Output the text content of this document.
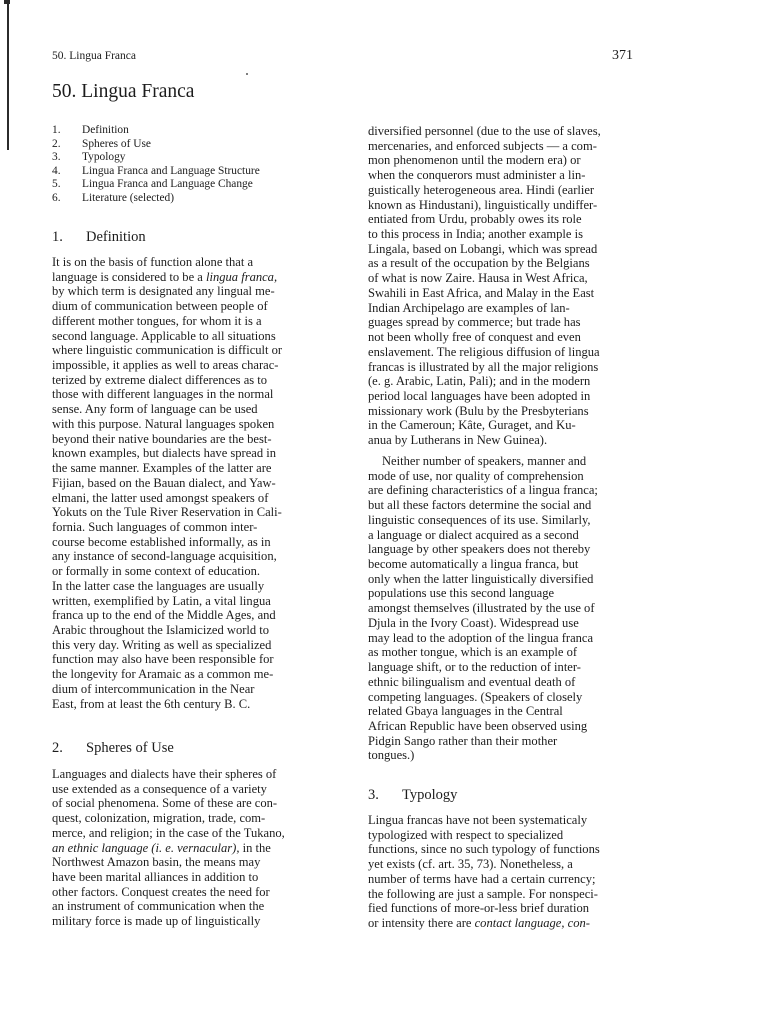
50. Lingua Franca	371
50. Lingua Franca
1.	Definition
2.	Spheres of Use
3.	Typology
4.	Lingua Franca and Language Structure
5.	Lingua Franca and Language Change
6.	Literature (selected)
1. Definition

It is on the basis of function alone that a
language is considered to be a lingua franca,
by which term is designated any lingual me-
dium of communication between people of
different mother tongues, for whom it is a
second language. Applicable to all situations
where linguistic communication is difficult or
impossible, it applies as well to areas charac-
terized by extreme dialect differences as to
those with different languages in the normal
sense. Any form of language can be used
with this purpose. Natural languages spoken
beyond their native boundaries are the best-
known examples, but dialects have spread in
the same manner. Examples of the latter are
Fijian, based on the Bauan dialect, and Yaw-
elmani, the latter used amongst speakers of
Yokuts on the Tule River Reservation in Cali-
fornia. Such languages of common inter-
course become established informally, as in
any instance of second-language acquisition,
or formally in some context of education.
In the latter case the languages are usually
written, exemplified by Latin, a vital lingua
franca up to the end of the Middle Ages, and
Arabic throughout the Islamicized world to
this very day. Writing as well as specialized
function may also have been responsible for
the longevity for Aramaic as a common me-
dium of intercommunication in the Near
East, from at least the 6th century B. C.

2. Spheres of Use

Languages and dialects have their spheres of
use extended as a consequence of a variety
of social phenomena. Some of these are con-
quest, colonization, migration, trade, com-
merce, and religion; in the case of the Tukano,
an ethnic language (i. e. vernacular), in the
Northwest Amazon basin, the means may
have been marital alliances in addition to
other factors. Conquest creates the need for
an instrument of communication when the
military force is made up of linguistically

diversified personnel (due to the use of slaves,
mercenaries, and enforced subjects — a com-
mon phenomenon until the modern era) or
when the conquerors must administer a lin-
guistically heterogeneous area. Hindi (earlier
known as Hindustani), linguistically undiffer-
entiated from Urdu, probably owes its role
to this process in India; another example is
Lingala, based on Lobangi, which was spread
as a result of the occupation by the Belgians
of what is now Zaire. Hausa in West Africa,
Swahili in East Africa, and Malay in the East
Indian Archipelago are examples of lan-
guages spread by commerce; but trade has
not been wholly free of conquest and even
enslavement. The religious diffusion of lingua
francas is illustrated by all the major religions
(e. g. Arabic, Latin, Pali); and in the modern
period local languages have been adopted in
missionary work (Bulu by the Presbyterians
in the Cameroun; Kâte, Guraget, and Ku-
anua by Lutherans in New Guinea).

Neither number of speakers, manner and
mode of use, nor quality of comprehension
are defining characteristics of a lingua franca;
but all these factors determine the social and
linguistic consequences of its use. Similarly,
a language or dialect acquired as a second
language by other speakers does not thereby
become automatically a lingua franca, but
only when the latter linguistically diversified
populations use this second language
amongst themselves (illustrated by the use of
Djula in the Ivory Coast). Widespread use
may lead to the adoption of the lingua franca
as mother tongue, which is an example of
language shift, or to the reduction of inter-
ethnic bilingualism and eventual death of
competing languages. (Speakers of closely
related Gbaya languages in the Central
African Republic have been observed using
Pidgin Sango rather than their mother
tongues.)

3. Typology

Lingua francas have not been systematicaly
typologized with respect to specialized
functions, since no such typology of functions
yet exists (cf. art. 35, 73). Nonetheless, a
number of terms have had a certain currency;
the following are just a sample. For nonspeci-
fied functions of more-or-less brief duration
or intensity there are contact language, con-
